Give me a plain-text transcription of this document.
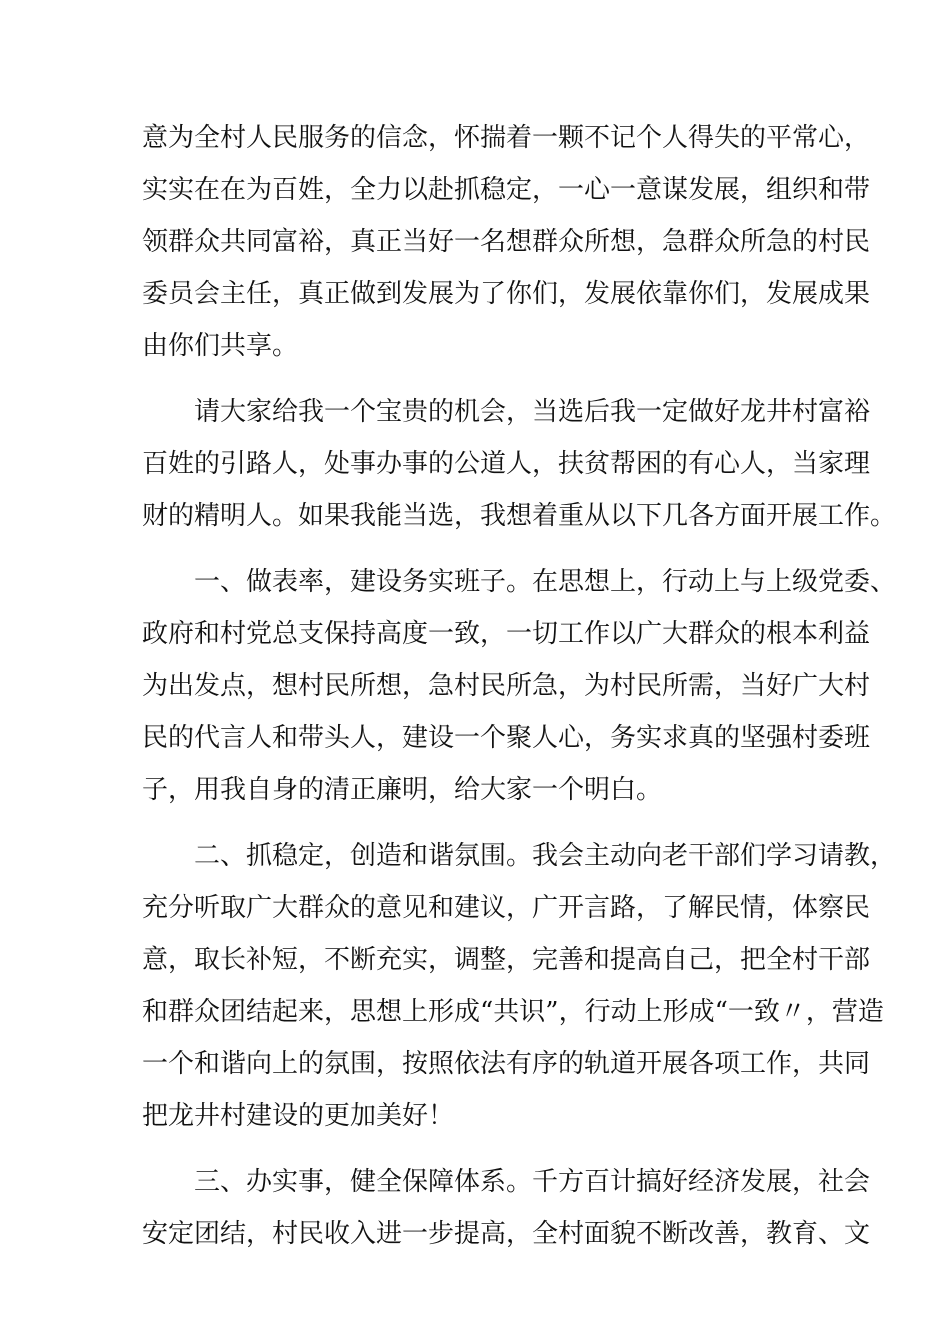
意为全村人民服务的信念，怀揣着一颗不记个人得失的平常心，
实实在在为百姓，全力以赴抓稳定，一心一意谋发展，组织和带
领群众共同富裕，真正当好一名想群众所想，急群众所急的村民
委员会主任，真正做到发展为了你们，发展依靠你们，发展成果
由你们共享。
请大家给我一个宝贵的机会，当选后我一定做好龙井村富裕
百姓的引路人，处事办事的公道人，扶贫帮困的有心人，当家理
财的精明人。如果我能当选，我想着重从以下几各方面开展工作。
一、做表率，建设务实班子。在思想上，行动上与上级党委、
政府和村党总支保持高度一致，一切工作以广大群众的根本利益
为出发点，想村民所想，急村民所急，为村民所需，当好广大村
民的代言人和带头人，建设一个聚人心，务实求真的坚强村委班
子，用我自身的清正廉明，给大家一个明白。
二、抓稳定，创造和谐氛围。我会主动向老干部们学习请教，
充分听取广大群众的意见和建议，广开言路，了解民情，体察民
意，取长补短，不断充实，调整，完善和提高自己，把全村干部
和群众团结起来，思想上形成“共识”，行动上形成“一致〃，营造
一个和谐向上的氛围，按照依法有序的轨道开展各项工作，共同
把龙井村建设的更加美好！
三、办实事，健全保障体系。千方百计搞好经济发展，社会
安定团结，村民收入进一步提高，全村面貌不断改善，教育、文
